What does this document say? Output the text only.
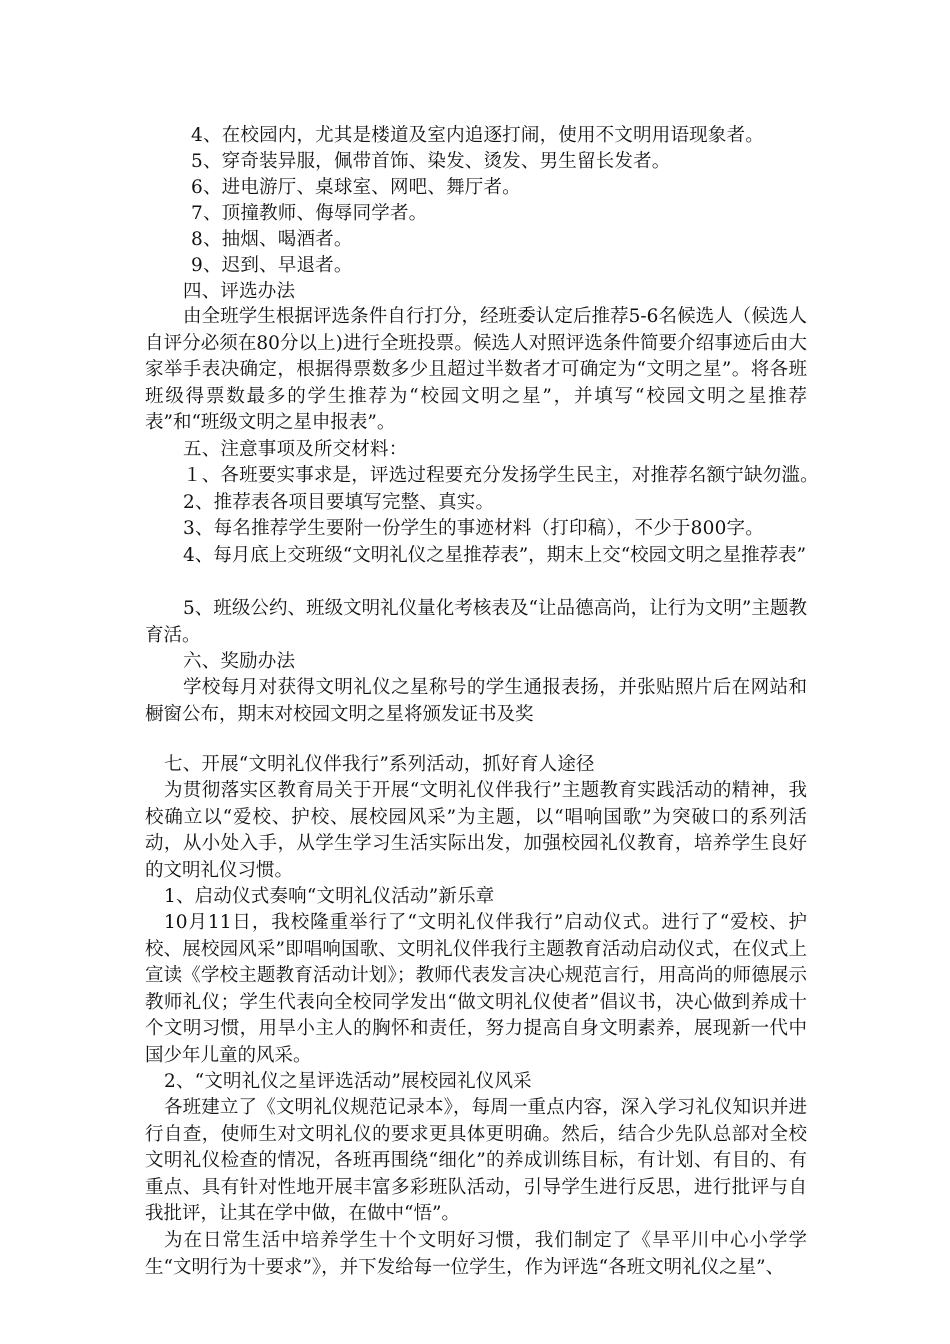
4、在校园内，尤其是楼道及室内追逐打闹，使用不文明用语现象者。
5、穿奇装异服，佩带首饰、染发、烫发、男生留长发者。
6、进电游厅、桌球室、网吧、舞厅者。
7、顶撞教师、侮辱同学者。
8、抽烟、喝酒者。
9、迟到、早退者。
四、评选办法
由全班学生根据评选条件自行打分，经班委认定后推荐5-6名候选人（候选人自评分必须在80分以上)进行全班投票。候选人对照评选条件简要介绍事迹后由大家举手表决确定，根据得票数多少且超过半数者才可确定为“文明之星”。将各班班级得票数最多的学生推荐为“校园文明之星”，并填写“校园文明之星推荐表”和“班级文明之星申报表”。
五、注意事项及所交材料：
１、各班要实事求是，评选过程要充分发扬学生民主，对推荐名额宁缺勿滥。
2、推荐表各项目要填写完整、真实。
3、每名推荐学生要附一份学生的事迹材料（打印稿），不少于800字。
4、每月底上交班级“文明礼仪之星推荐表”，期末上交“校园文明之星推荐表”
5、班级公约、班级文明礼仪量化考核表及“让品德高尚，让行为文明”主题教育活。
六、奖励办法
学校每月对获得文明礼仪之星称号的学生通报表扬，并张贴照片后在网站和橱窗公布，期末对校园文明之星将颁发证书及奖
七、开展“文明礼仪伴我行”系列活动，抓好育人途径
为贯彻落实区教育局关于开展“文明礼仪伴我行”主题教育实践活动的精神，我校确立以“爱校、护校、展校园风采”为主题，以“唱响国歌”为突破口的系列活动，从小处入手，从学生学习生活实际出发，加强校园礼仪教育，培养学生良好的文明礼仪习惯。
1、启动仪式奏响“文明礼仪活动”新乐章
10月11日，我校隆重举行了“文明礼仪伴我行”启动仪式。进行了“爱校、护校、展校园风采”即唱响国歌、文明礼仪伴我行主题教育活动启动仪式，在仪式上宣读《学校主题教育活动计划》；教师代表发言决心规范言行，用高尚的师德展示教师礼仪；学生代表向全校同学发出“做文明礼仪使者”倡议书，决心做到养成十个文明习惯，用旱小主人的胸怀和责任，努力提高自身文明素养，展现新一代中国少年儿童的风采。
2、“文明礼仪之星评选活动”展校园礼仪风采
各班建立了《文明礼仪规范记录本》，每周一重点内容，深入学习礼仪知识并进行自查，使师生对文明礼仪的要求更具体更明确。然后，结合少先队总部对全校文明礼仪检查的情况，各班再围绕“细化”的养成训练目标，有计划、有目的、有重点、具有针对性地开展丰富多彩班队活动，引导学生进行反思，进行批评与自我批评，让其在学中做，在做中“悟”。
为在日常生活中培养学生十个文明好习惯，我们制定了《旱平川中心小学学生“文明行为十要求”》，并下发给每一位学生，作为评选“各班文明礼仪之星”、
